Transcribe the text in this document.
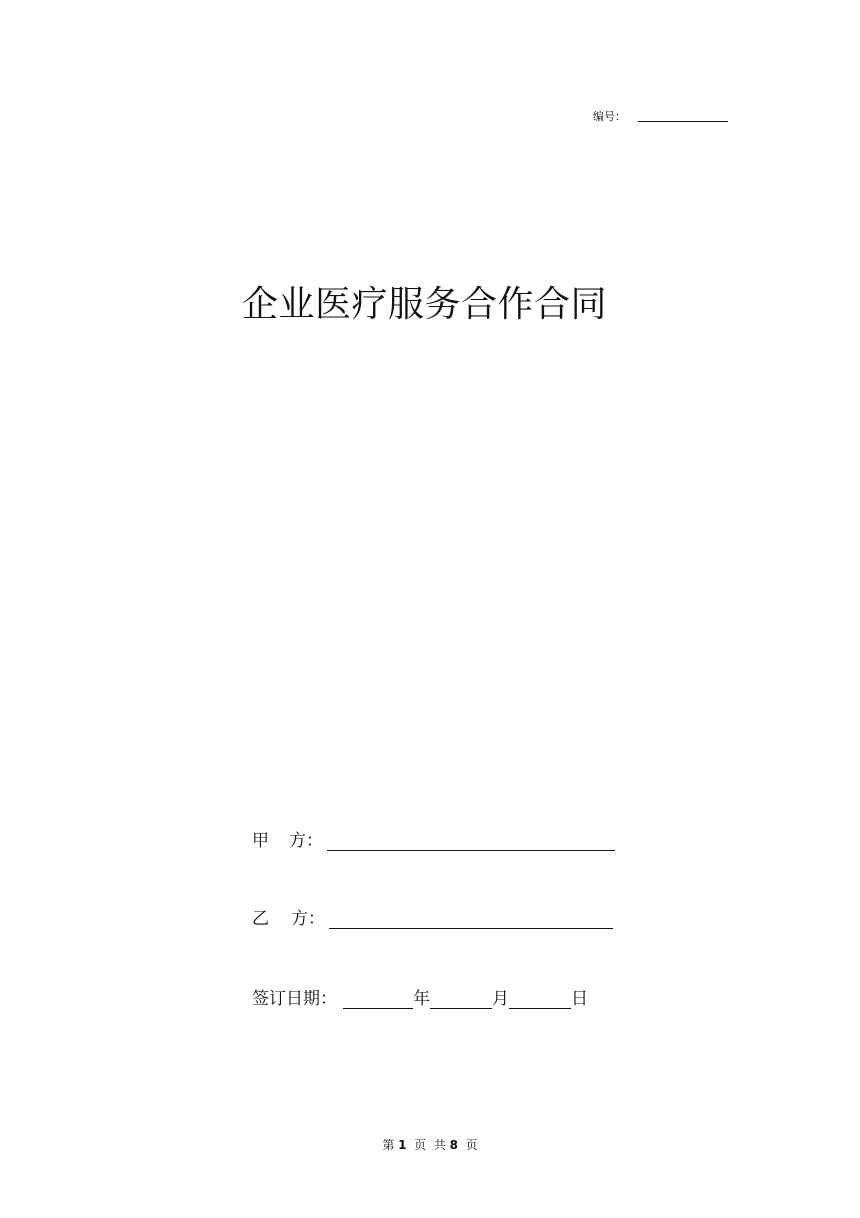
编号：
企业医疗服务合作合同
甲 方：
乙 方：
签订日期：	年	月	日
第 1 页 共 8 页
